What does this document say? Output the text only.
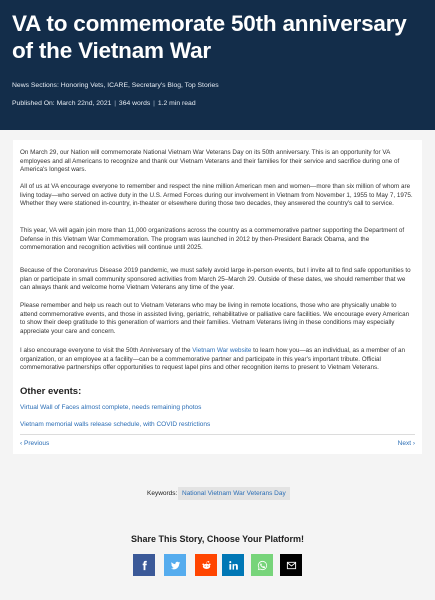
VA to commemorate 50th anniversary of the Vietnam War
News Sections: Honoring Vets, ICARE, Secretary's Blog, Top Stories
Published On: March 22nd, 2021 | 364 words | 1.2 min read

On March 29, our Nation will commemorate National Vietnam War Veterans Day on its 50th anniversary. This is an opportunity for VA employees and all Americans to recognize and thank our Vietnam Veterans and their families for their service and sacrifice during one of America's longest wars.

All of us at VA encourage everyone to remember and respect the nine million American men and women—more than six million of whom are living today—who served on active duty in the U.S. Armed Forces during our involvement in Vietnam from November 1, 1955 to May 7, 1975. Whether they were stationed in-country, in-theater or elsewhere during those two decades, they answered the country's call to service.

This year, VA will again join more than 11,000 organizations across the country as a commemorative partner supporting the Department of Defense in this Vietnam War Commemoration. The program was launched in 2012 by then-President Barack Obama, and the commemoration and recognition activities will continue until 2025.

Because of the Coronavirus Disease 2019 pandemic, we must safely avoid large in-person events, but I invite all to find safe opportunities to plan or participate in small community sponsored activities from March 25–March 29. Outside of these dates, we should remember that we can always thank and welcome home Vietnam Veterans any time of the year.

Please remember and help us reach out to Vietnam Veterans who may be living in remote locations, those who are physically unable to attend commemorative events, and those in assisted living, geriatric, rehabilitative or palliative care facilities. We encourage every American to show their deep gratitude to this generation of warriors and their families. Vietnam Veterans living in these conditions may especially appreciate your care and concern.

I also encourage everyone to visit the 50th Anniversary of the Vietnam War website to learn how you—as an individual, as a member of an organization, or an employee at a facility—can be a commemorative partner and participate in this year's important tribute. Official commemorative partnerships offer opportunities to request lapel pins and other recognition items to present to Vietnam Veterans.

Other events:
Virtual Wall of Faces almost complete, needs remaining photos
Vietnam memorial walls release schedule, with COVID restrictions
‹ Previous	Next ›
Keywords: National Vietnam War Veterans Day
Share This Story, Choose Your Platform!
